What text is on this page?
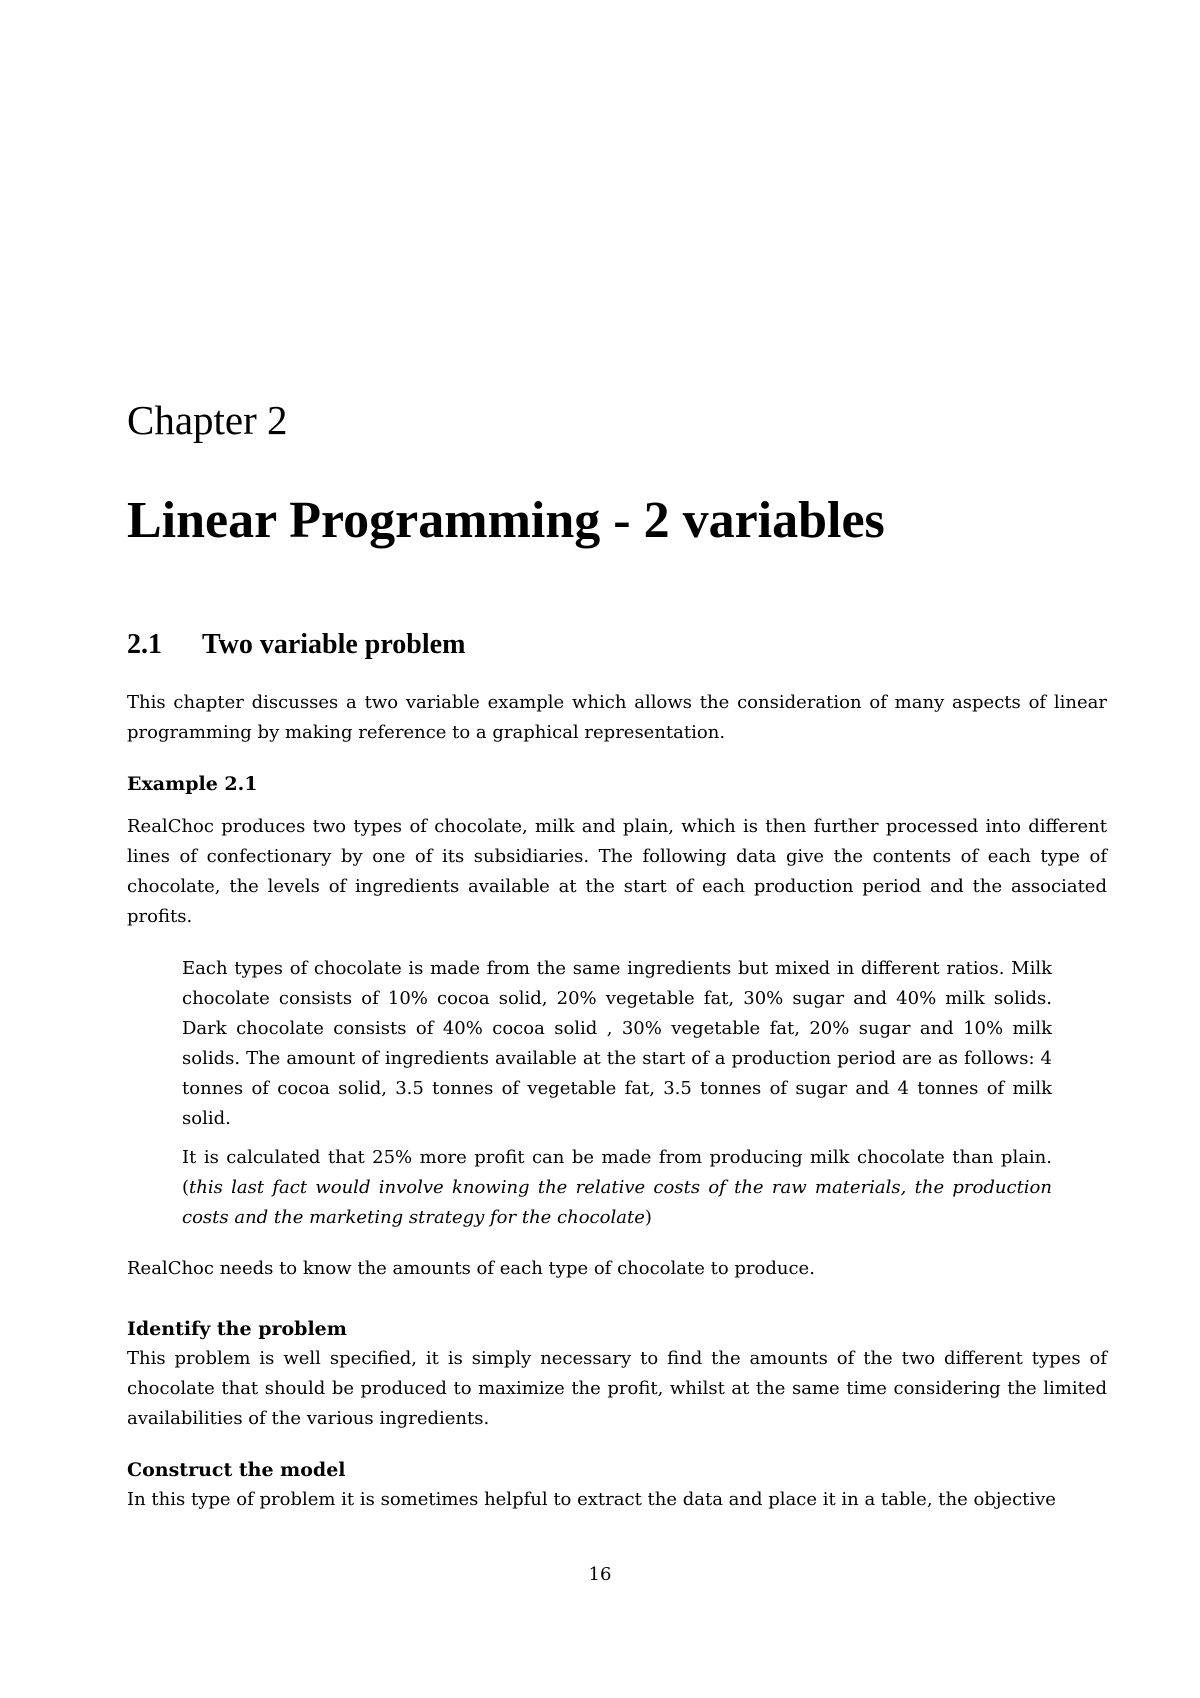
Chapter 2
Linear Programming - 2 variables
2.1 Two variable problem
This chapter discusses a two variable example which allows the consideration of many aspects of linear programming by making reference to a graphical representation.
Example 2.1
RealChoc produces two types of chocolate, milk and plain, which is then further processed into different lines of confectionary by one of its subsidiaries. The following data give the contents of each type of chocolate, the levels of ingredients available at the start of each production period and the associated profits.
Each types of chocolate is made from the same ingredients but mixed in different ratios. Milk chocolate consists of 10% cocoa solid, 20% vegetable fat, 30% sugar and 40% milk solids. Dark chocolate consists of 40% cocoa solid , 30% vegetable fat, 20% sugar and 10% milk solids. The amount of ingredients available at the start of a production period are as follows: 4 tonnes of cocoa solid, 3.5 tonnes of vegetable fat, 3.5 tonnes of sugar and 4 tonnes of milk solid.
It is calculated that 25% more profit can be made from producing milk chocolate than plain. (this last fact would involve knowing the relative costs of the raw materials, the production costs and the marketing strategy for the chocolate)
RealChoc needs to know the amounts of each type of chocolate to produce.
Identify the problem
This problem is well specified, it is simply necessary to find the amounts of the two different types of chocolate that should be produced to maximize the profit, whilst at the same time considering the limited availabilities of the various ingredients.
Construct the model
In this type of problem it is sometimes helpful to extract the data and place it in a table, the objective
16
